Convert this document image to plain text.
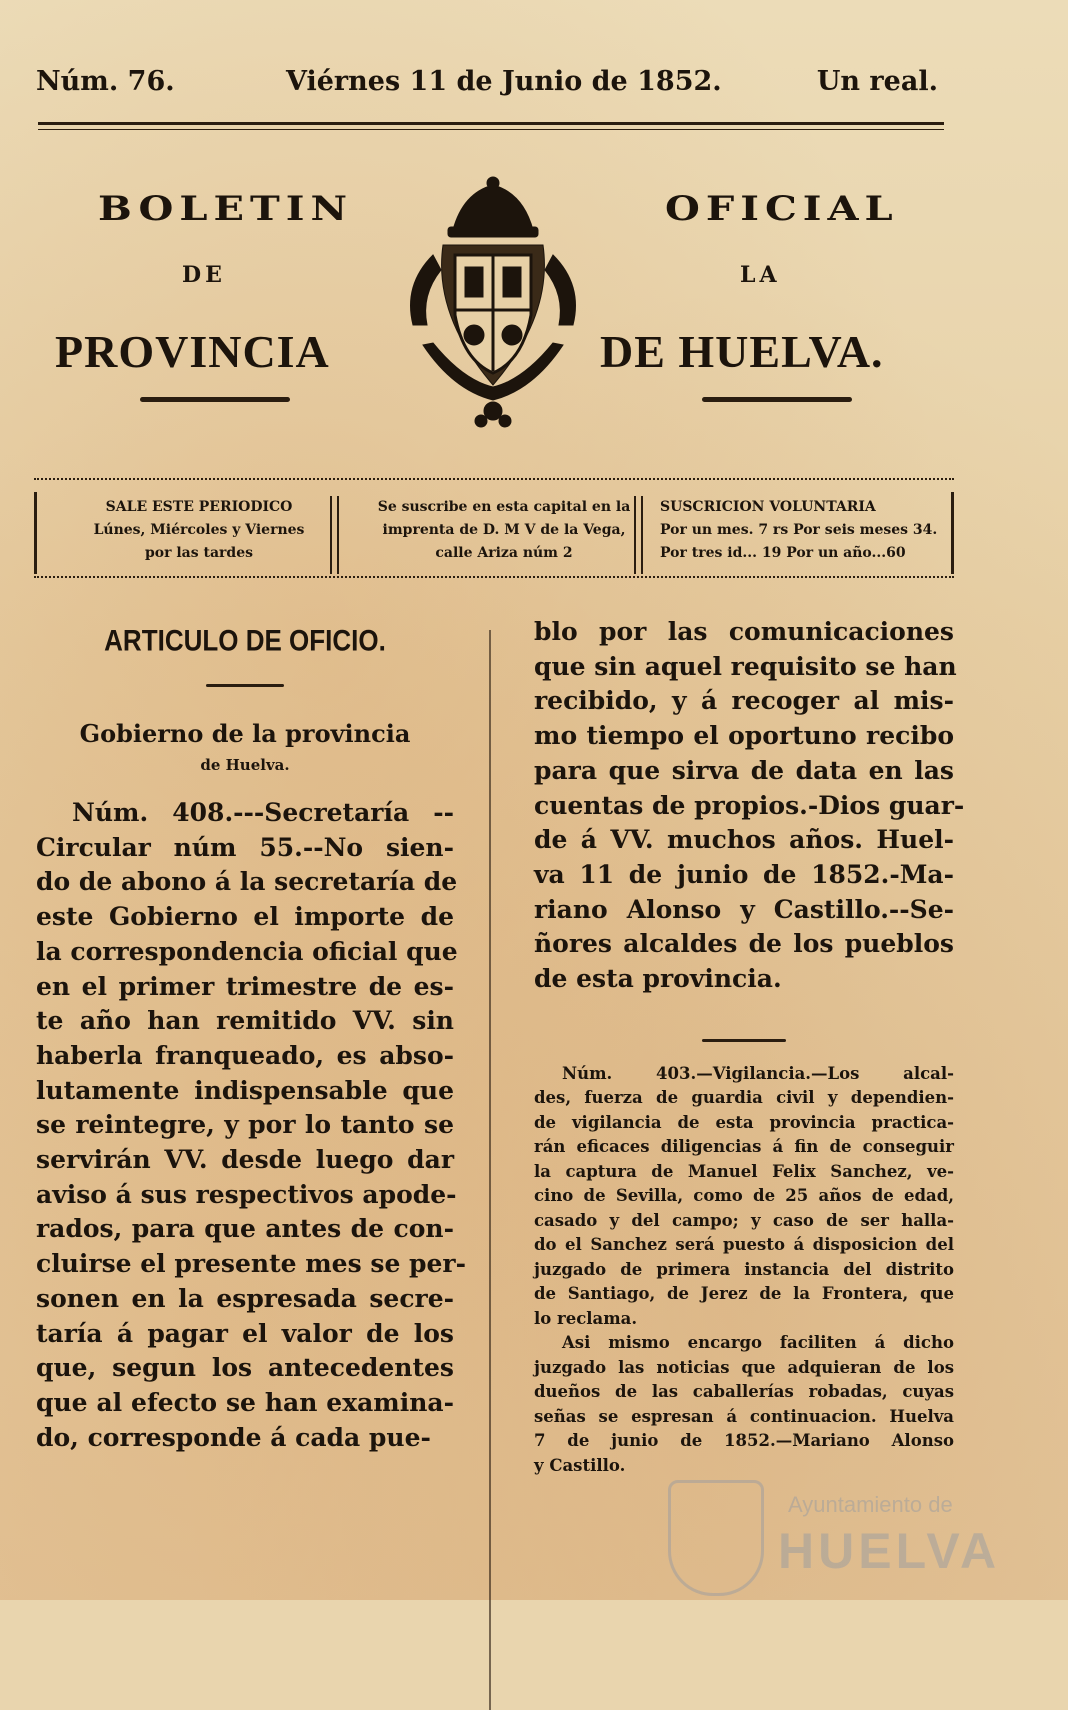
Núm. 76.	Viérnes 11 de Junio de 1852.	Un real.
BOLETIN	OFICIAL
DE	LA
PROVINCIA	DE HUELVA.
SALE ESTE PERIODICO
Lúnes, Miércoles y Viernes
por las tardes
Se suscribe en esta capital en la
imprenta de D. M V de la Vega,
calle Ariza núm 2
SUSCRICION VOLUNTARIA
Por un mes. 7 rs Por seis meses 34.
Por tres id... 19 Por un año...60
ARTICULO DE OFICIO.
Gobierno de la provincia
de Huelva.
Núm. 408.---Secretaría --
Circular núm 55.--No sien-
do de abono á la secretaría de
este Gobierno el importe de
la correspondencia oficial que
en el primer trimestre de es-
te año han remitido VV. sin
haberla franqueado, es abso-
lutamente indispensable que
se reintegre, y por lo tanto se
servirán VV. desde luego dar
aviso á sus respectivos apode-
rados, para que antes de con-
cluirse el presente mes se per-
sonen en la espresada secre-
taría á pagar el valor de los
que, segun los antecedentes
que al efecto se han examina-
do, corresponde á cada pue-
blo por las comunicaciones
que sin aquel requisito se han
recibido, y á recoger al mis-
mo tiempo el oportuno recibo
para que sirva de data en las
cuentas de propios.-Dios guar-
de á VV. muchos años. Huel-
va 11 de junio de 1852.-Ma-
riano Alonso y Castillo.--Se-
ñores alcaldes de los pueblos
de esta provincia.
Núm. 403.—Vigilancia.—Los alcal-
des, fuerza de guardia civil y dependien-
de vigilancia de esta provincia practica-
rán eficaces diligencias á fin de conseguir
la captura de Manuel Felix Sanchez, ve-
cino de Sevilla, como de 25 años de edad,
casado y del campo; y caso de ser halla-
do el Sanchez será puesto á disposicion del
juzgado de primera instancia del distrito
de Santiago, de Jerez de la Frontera, que
lo reclama.
Asi mismo encargo faciliten á dicho
juzgado las noticias que adquieran de los
dueños de las caballerías robadas, cuyas
señas se espresan á continuacion. Huelva
7 de junio de 1852.—Mariano Alonso
y Castillo.
Ayuntamiento de
HUELVA
